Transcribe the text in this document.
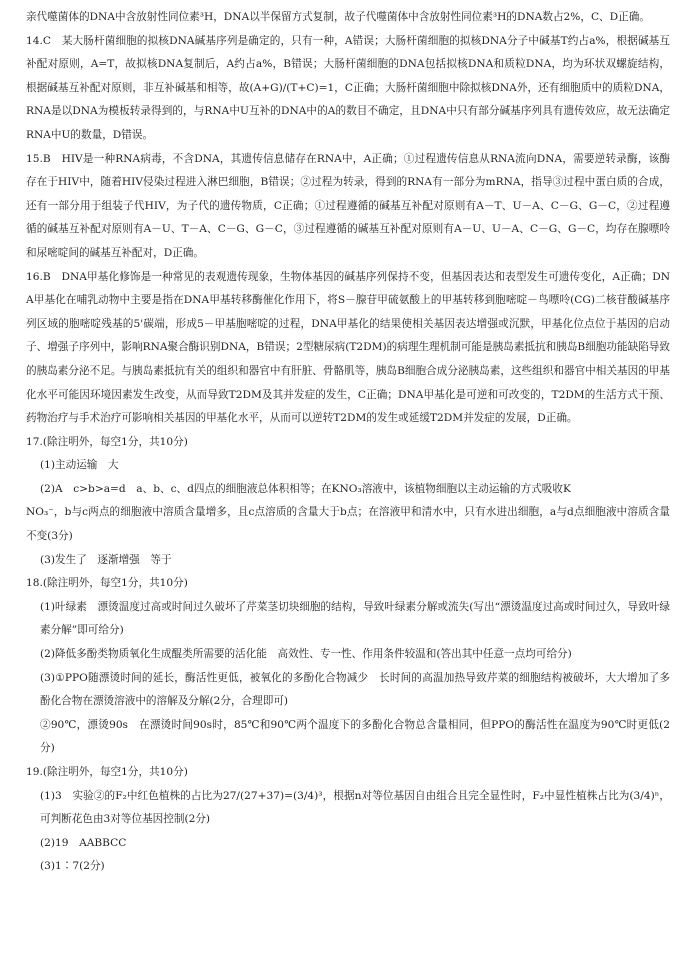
亲代噬菌体的DNA中含放射性同位素³H，DNA以半保留方式复制，故子代噬菌体中含放射性同位素³H的DNA数占2%，C、D正确。

14.C　某大肠杆菌细胞的拟核DNA碱基序列是确定的，只有一种，A错误；大肠杆菌细胞的拟核DNA分子中碱基T约占a%，根据碱基互补配对原则，A=T，故拟核DNA复制后，A约占a%，B错误；大肠杆菌细胞的DNA包括拟核DNA和质粒DNA，均为环状双螺旋结构，根据碱基互补配对原则，非互补碱基和相等，故(A+G)/(T+C)=1，C正确；大肠杆菌细胞中除拟核DNA外，还有细胞质中的质粒DNA，RNA是以DNA为模板转录得到的，与RNA中U互补的DNA中的A的数目不确定，且DNA中只有部分碱基序列具有遗传效应，故无法确定RNA中U的数量，D错误。

15.B　HIV是一种RNA病毒，不含DNA，其遗传信息储存在RNA中，A正确；①过程遗传信息从RNA流向DNA，需要逆转录酶，该酶存在于HIV中，随着HIV侵染过程进入淋巴细胞，B错误；②过程为转录，得到的RNA有一部分为mRNA，指导③过程中蛋白质的合成，还有一部分用于组装子代HIV，为子代的遗传物质，C正确；①过程遵循的碱基互补配对原则有A－T、U－A、C－G、G－C，②过程遵循的碱基互补配对原则有A－U、T－A、C－G、G－C，③过程遵循的碱基互补配对原则有A－U、U－A、C－G、G－C，均存在腺嘌呤和尿嘧啶间的碱基互补配对，D正确。

16.B　DNA甲基化修饰是一种常见的表观遗传现象，生物体基因的碱基序列保持不变，但基因表达和表型发生可遗传变化，A正确；DNA甲基化在哺乳动物中主要是指在DNA甲基转移酶催化作用下，将S－腺苷甲硫氨酸上的甲基转移到胞嘧啶－鸟嘌呤(CG)二核苷酸碱基序列区域的胞嘧啶残基的5'碳端，形成5－甲基胞嘧啶的过程，DNA甲基化的结果使相关基因表达增强或沉默，甲基化位点位于基因的启动子、增强子序列中，影响RNA聚合酶识别DNA，B错误；2型糖尿病(T2DM)的病理生理机制可能是胰岛素抵抗和胰岛B细胞功能缺陷导致的胰岛素分泌不足。与胰岛素抵抗有关的组织和器官中有肝脏、骨骼肌等，胰岛B细胞合成分泌胰岛素，这些组织和器官中相关基因的甲基化水平可能因环境因素发生改变，从而导致T2DM及其并发症的发生，C正确；DNA甲基化是可逆和可改变的，T2DM的生活方式干预、药物治疗与手术治疗可影响相关基因的甲基化水平，从而可以逆转T2DM的发生或延缓T2DM并发症的发展，D正确。

17.(除注明外，每空1分，共10分)

(1)主动运输　大

(2)A　c>b>a=d　a、b、c、d四点的细胞液总体积相等；在KNO₃溶液中，该植物细胞以主动运输的方式吸收K

NO₃⁻，b与c两点的细胞液中溶质含量增多，且c点溶质的含量大于b点；在溶液甲和清水中，只有水进出细胞，a与d点细胞液中溶质含量不变(3分)

(3)发生了　逐渐增强　等于

18.(除注明外，每空1分，共10分)

(1)叶绿素　漂烫温度过高或时间过久破坏了芹菜茎切块细胞的结构，导致叶绿素分解或流失(写出“漂烫温度过高或时间过久，导致叶绿素分解”即可给分)

(2)降低多酚类物质氧化生成醌类所需要的活化能　高效性、专一性、作用条件较温和(答出其中任意一点均可给分)

(3)①PPO随漂烫时间的延长，酶活性更低，被氧化的多酚化合物减少　长时间的高温加热导致芹菜的细胞结构被破坏，大大增加了多酚化合物在漂烫溶液中的溶解及分解(2分，合理即可)

②90℃，漂烫90s　在漂烫时间90s时，85℃和90℃两个温度下的多酚化合物总含量相同，但PPO的酶活性在温度为90℃时更低(2分)

19.(除注明外，每空1分，共10分)

(1)3　实验②的F₂中红色植株的占比为27/(27+37)=(3/4)³，根据n对等位基因自由组合且完全显性时，F₂中显性植株占比为(3/4)ⁿ，可判断花色由3对等位基因控制(2分)

(2)19　AABBCC

(3)1∶7(2分)
